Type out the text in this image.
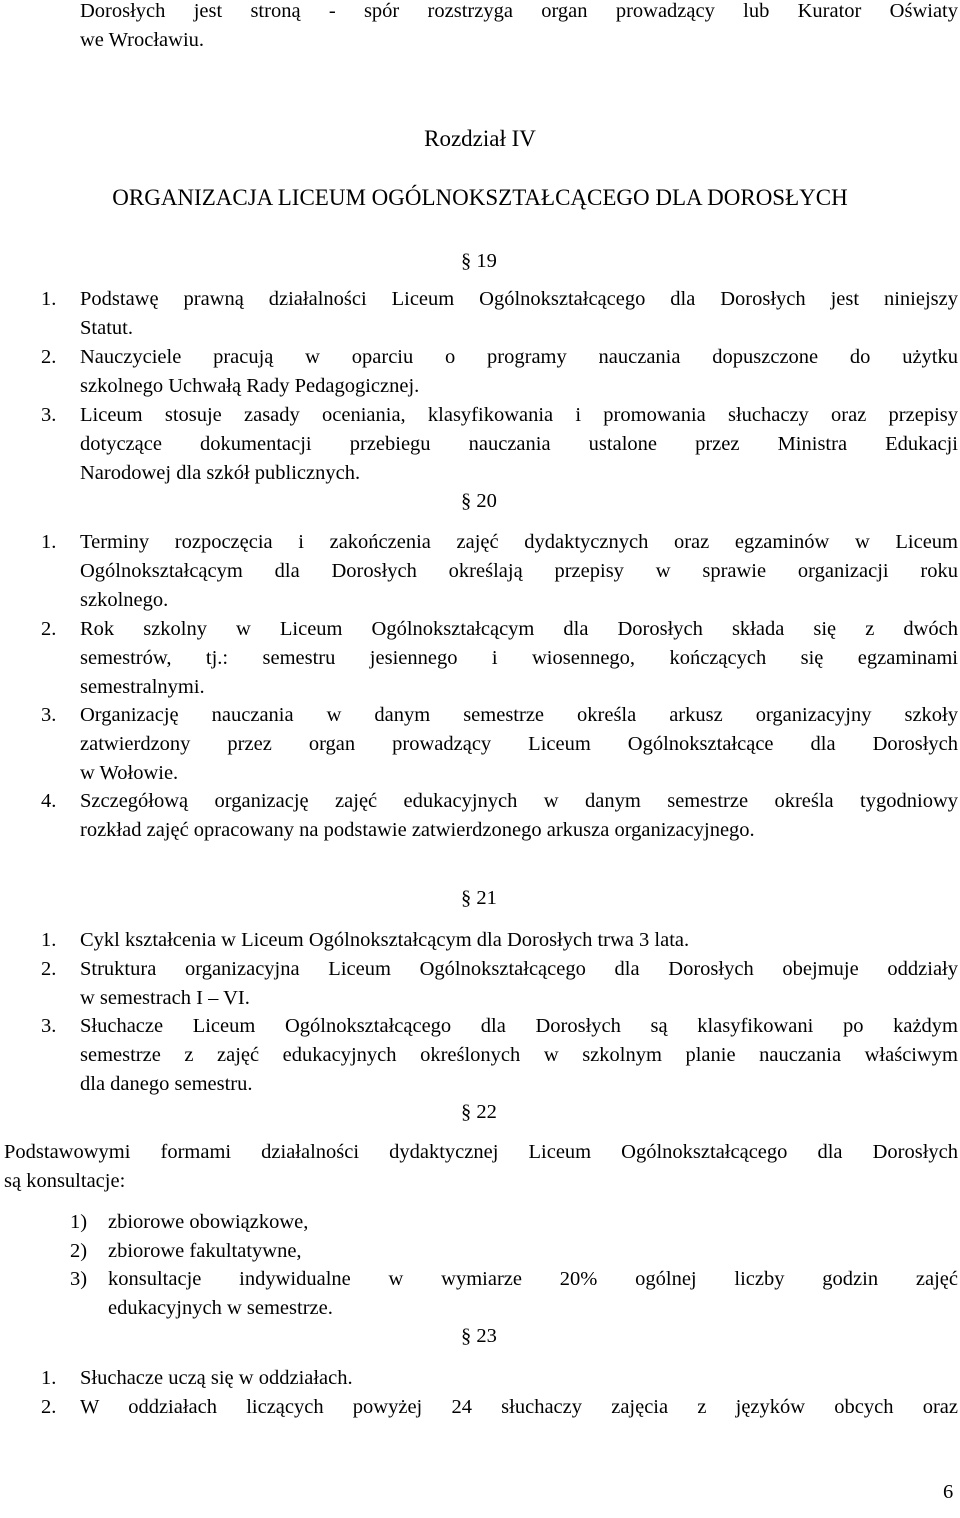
Dorosłych jest stroną - spór rozstrzyga organ prowadzący lub Kurator Oświaty
we Wrocławiu.
Rozdział IV
ORGANIZACJA LICEUM OGÓLNOKSZTAŁCĄCEGO DLA DOROSŁYCH
§ 19
1. Podstawę prawną działalności Liceum Ogólnokształcącego dla Dorosłych jest niniejszy
Statut.
2. Nauczyciele pracują w oparciu o programy nauczania dopuszczone do użytku
szkolnego Uchwałą Rady Pedagogicznej.
3. Liceum stosuje zasady oceniania, klasyfikowania i promowania słuchaczy oraz przepisy
dotyczące dokumentacji przebiegu nauczania ustalone przez Ministra Edukacji
Narodowej dla szkół publicznych.
§ 20
1. Terminy rozpoczęcia i zakończenia zajęć dydaktycznych oraz egzaminów w Liceum
Ogólnokształcącym dla Dorosłych określają przepisy w sprawie organizacji roku
szkolnego.
2. Rok szkolny w Liceum Ogólnokształcącym dla Dorosłych składa się z dwóch
semestrów, tj.: semestru jesiennego i wiosennego, kończących się egzaminami
semestralnymi.
3. Organizację nauczania w danym semestrze określa arkusz organizacyjny szkoły
zatwierdzony przez organ prowadzący Liceum Ogólnokształcące dla Dorosłych
w Wołowie.
4. Szczegółową organizację zajęć edukacyjnych w danym semestrze określa tygodniowy
rozkład zajęć opracowany na podstawie zatwierdzonego arkusza organizacyjnego.
§ 21
1. Cykl kształcenia w Liceum Ogólnokształcącym dla Dorosłych trwa 3 lata.
2. Struktura organizacyjna Liceum Ogólnokształcącego dla Dorosłych obejmuje oddziały
w semestrach I – VI.
3. Słuchacze Liceum Ogólnokształcącego dla Dorosłych są klasyfikowani po każdym
semestrze z zajęć edukacyjnych określonych w szkolnym planie nauczania właściwym
dla danego semestru.
§ 22
Podstawowymi formami działalności dydaktycznej Liceum Ogólnokształcącego dla Dorosłych
są konsultacje:
1) zbiorowe obowiązkowe,
2) zbiorowe fakultatywne,
3) konsultacje indywidualne w wymiarze 20% ogólnej liczby godzin zajęć
edukacyjnych w semestrze.
§ 23
1. Słuchacze uczą się w oddziałach.
2. W oddziałach liczących powyżej 24 słuchaczy zajęcia z języków obcych oraz
6
